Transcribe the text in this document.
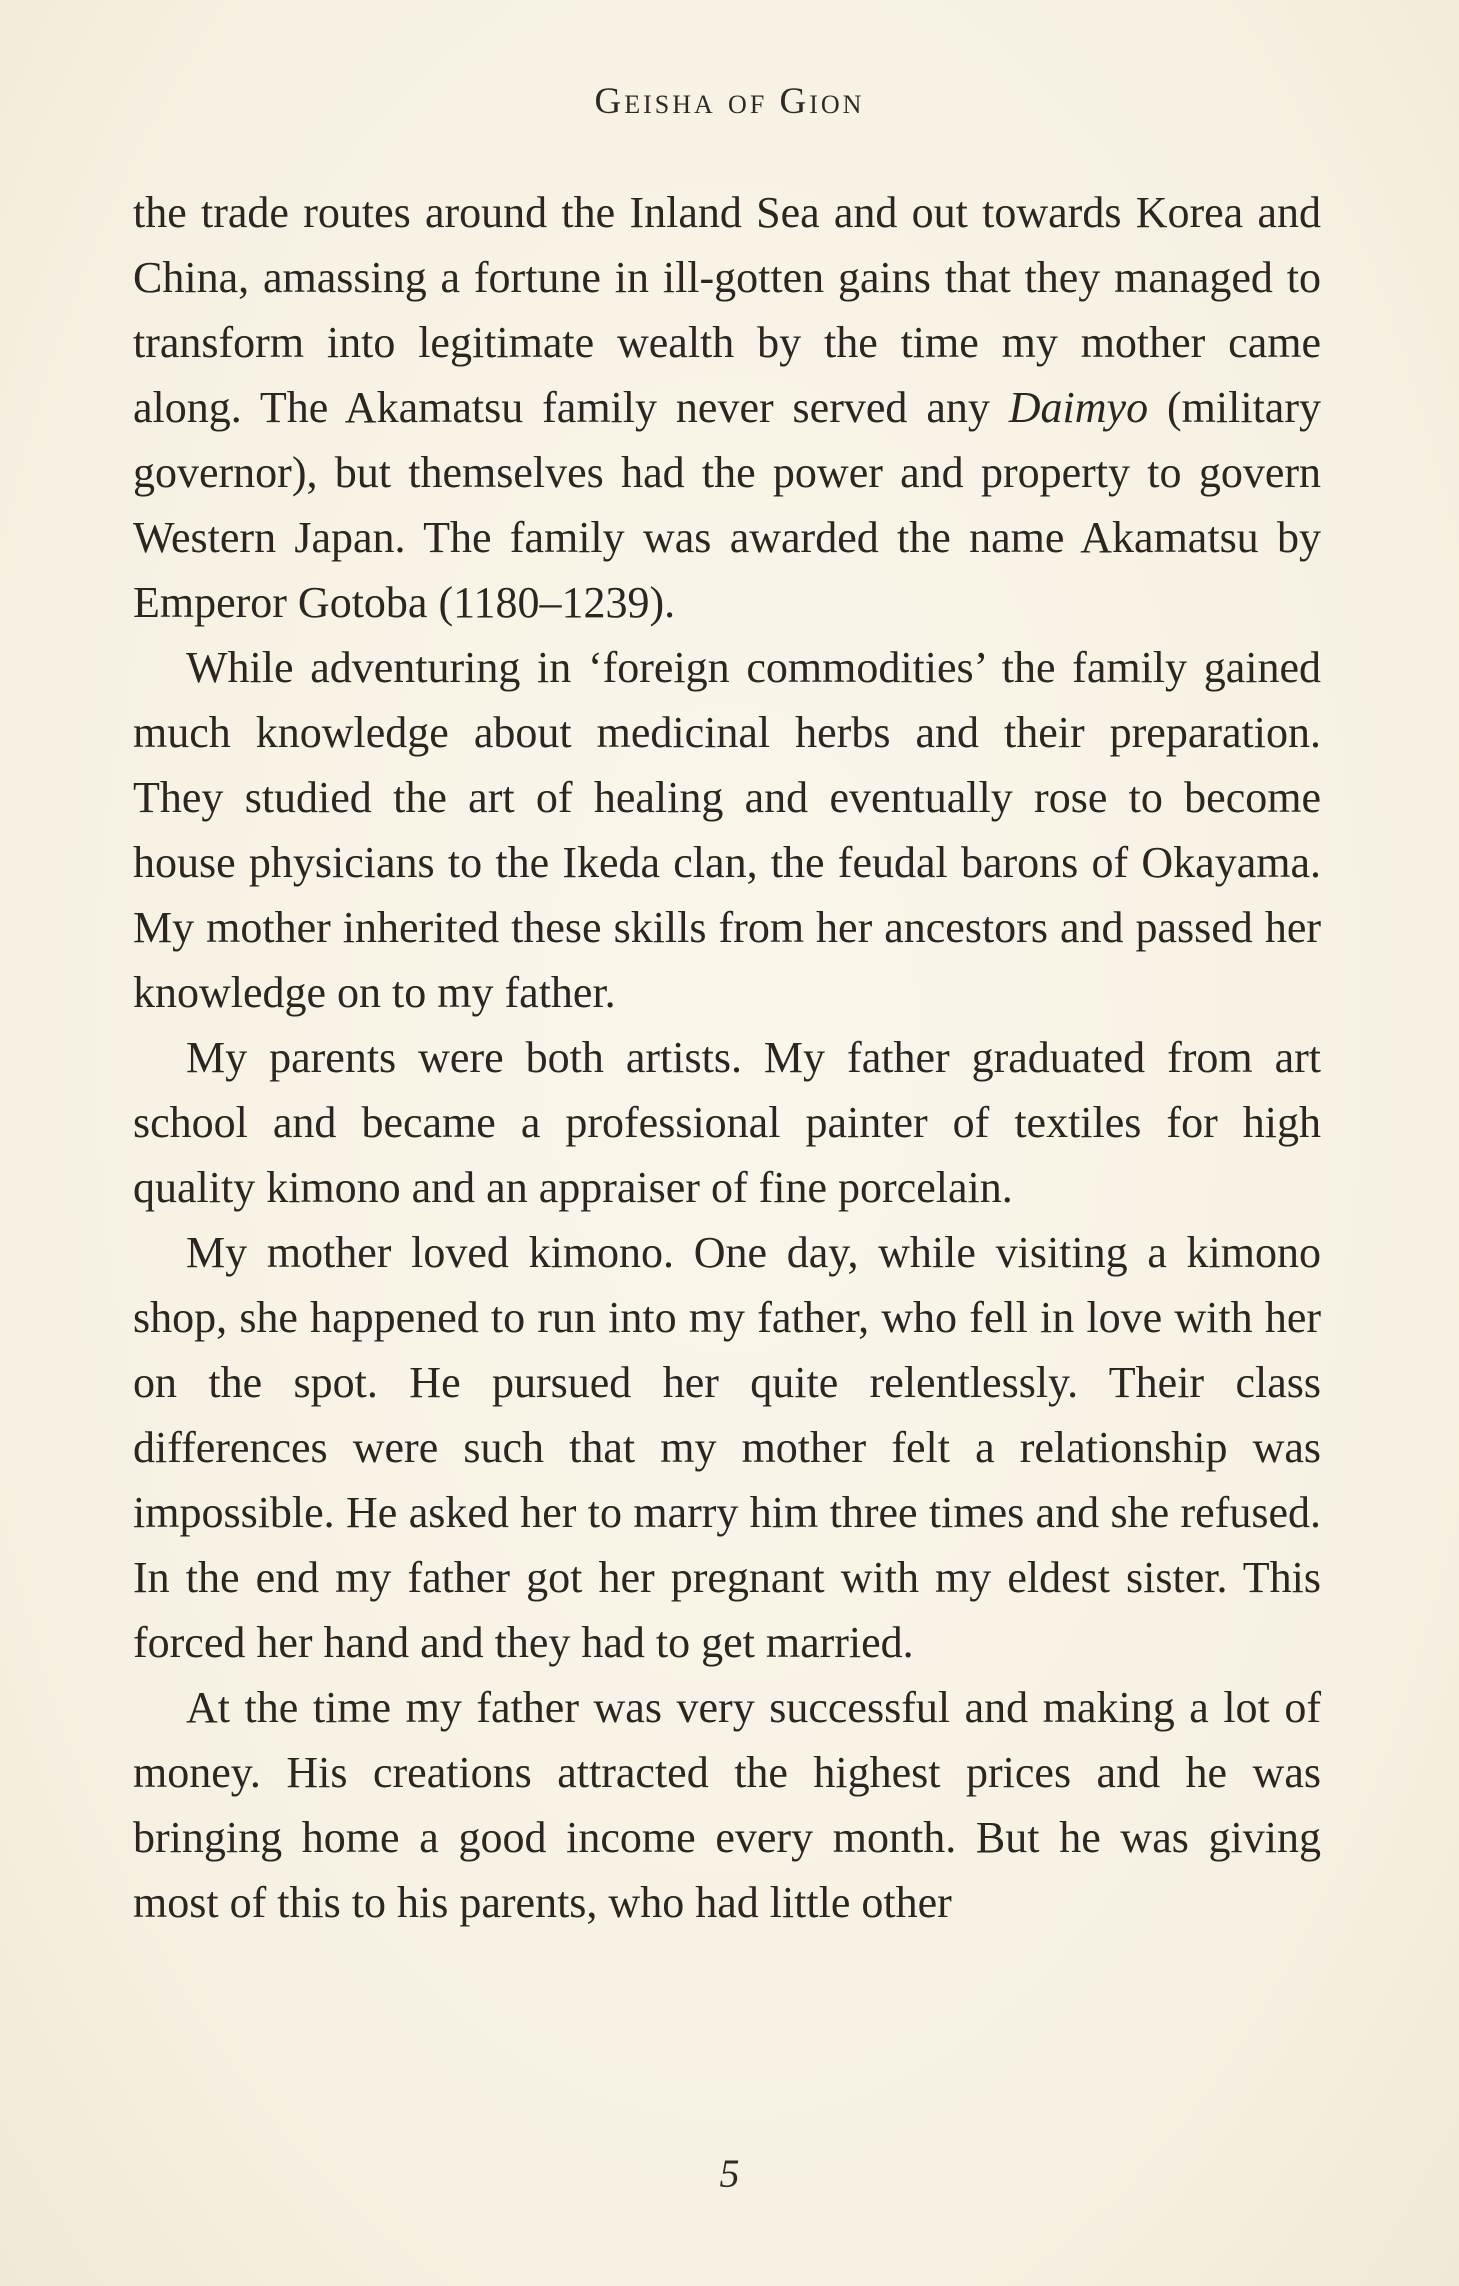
Geisha of Gion

the trade routes around the Inland Sea and out towards Korea and China, amassing a fortune in ill-gotten gains that they managed to transform into legitimate wealth by the time my mother came along. The Akamatsu family never served any Daimyo (military governor), but themselves had the power and property to govern Western Japan. The family was awarded the name Akamatsu by Emperor Gotoba (1180–1239).

While adventuring in ‘foreign commodities’ the family gained much knowledge about medicinal herbs and their preparation. They studied the art of healing and eventually rose to become house physicians to the Ikeda clan, the feudal barons of Okayama. My mother inherited these skills from her ancestors and passed her knowledge on to my father.

My parents were both artists. My father graduated from art school and became a professional painter of textiles for high quality kimono and an appraiser of fine porcelain.

My mother loved kimono. One day, while visiting a kimono shop, she happened to run into my father, who fell in love with her on the spot. He pursued her quite relentlessly. Their class differences were such that my mother felt a relationship was impossible. He asked her to marry him three times and she refused. In the end my father got her pregnant with my eldest sister. This forced her hand and they had to get married.

At the time my father was very successful and making a lot of money. His creations attracted the highest prices and he was bringing home a good income every month. But he was giving most of this to his parents, who had little other

5
